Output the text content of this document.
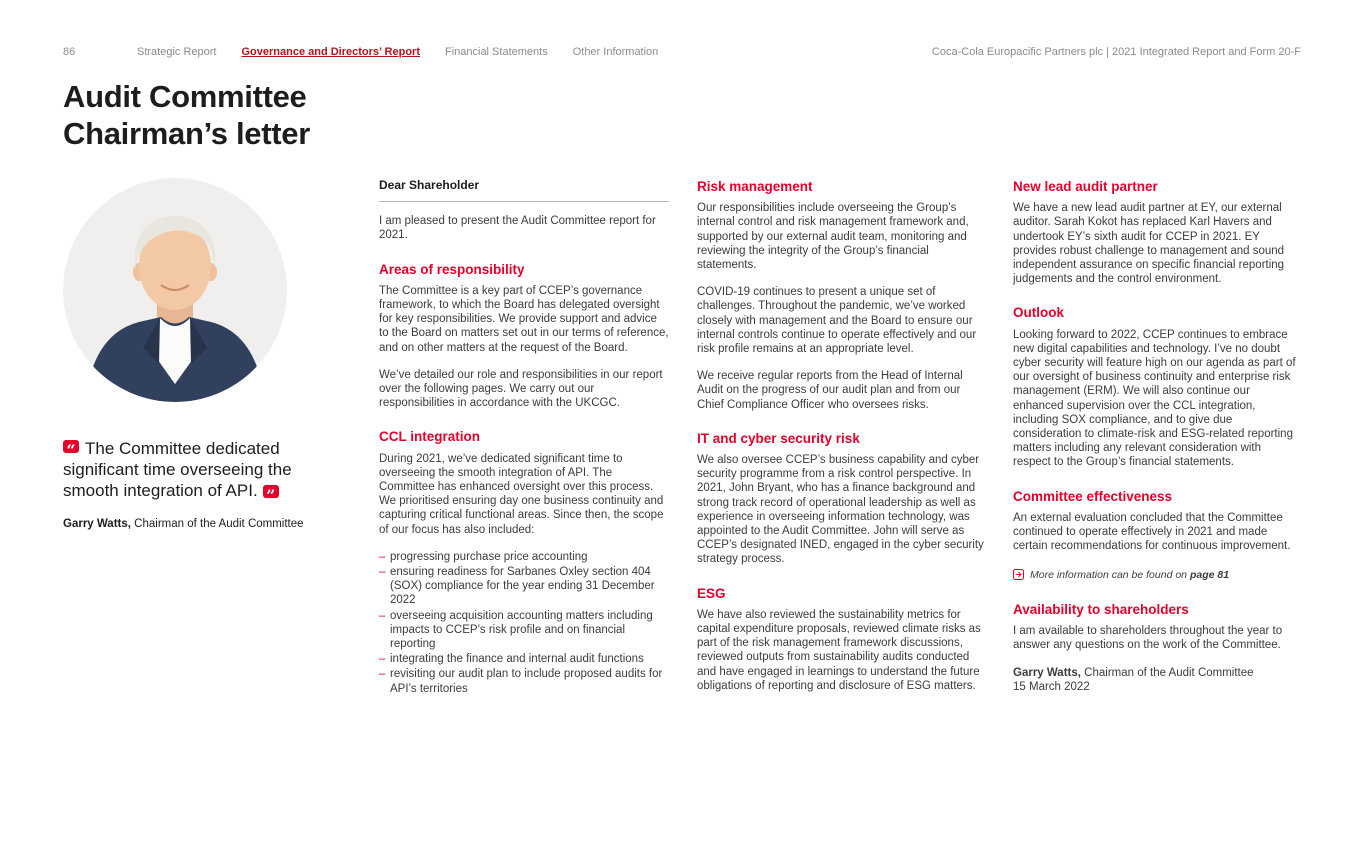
86	Strategic Report Governance and Directors’ Report Financial Statements Other Information	Coca-Cola Europacific Partners plc | 2021 Integrated Report and Form 20-F
Audit Committee
Chairman’s letter

“The Committee dedicated significant time overseeing the smooth integration of API.”

Garry Watts, Chairman of the Audit Committee

Dear Shareholder

I am pleased to present the Audit Committee report for 2021.

Areas of responsibility

The Committee is a key part of CCEP’s governance framework, to which the Board has delegated oversight for key responsibilities. We provide support and advice to the Board on matters set out in our terms of reference, and on other matters at the request of the Board.

We’ve detailed our role and responsibilities in our report over the following pages. We carry out our responsibilities in accordance with the UKCGC.

CCL integration

During 2021, we’ve dedicated significant time to overseeing the smooth integration of API. The Committee has enhanced oversight over this process. We prioritised ensuring day one business continuity and capturing critical functional areas. Since then, the scope of our focus has also included:

– progressing purchase price accounting
– ensuring readiness for Sarbanes Oxley section 404 (SOX) compliance for the year ending 31 December 2022
– overseeing acquisition accounting matters including impacts to CCEP’s risk profile and on financial reporting
– integrating the finance and internal audit functions
– revisiting our audit plan to include proposed audits for API’s territories
Risk management

Our responsibilities include overseeing the Group’s internal control and risk management framework and, supported by our external audit team, monitoring and reviewing the integrity of the Group’s financial statements.

COVID-19 continues to present a unique set of challenges. Throughout the pandemic, we’ve worked closely with management and the Board to ensure our internal controls continue to operate effectively and our risk profile remains at an appropriate level.

We receive regular reports from the Head of Internal Audit on the progress of our audit plan and from our Chief Compliance Officer who oversees risks.

IT and cyber security risk

We also oversee CCEP’s business capability and cyber security programme from a risk control perspective. In 2021, John Bryant, who has a finance background and strong track record of operational leadership as well as experience in overseeing information technology, was appointed to the Audit Committee. John will serve as CCEP’s designated INED, engaged in the cyber security strategy process.

ESG

We have also reviewed the sustainability metrics for capital expenditure proposals, reviewed climate risks as part of the risk management framework discussions, reviewed outputs from sustainability audits conducted and have engaged in learnings to understand the future obligations of reporting and disclosure of ESG matters.

New lead audit partner

We have a new lead audit partner at EY, our external auditor. Sarah Kokot has replaced Karl Havers and undertook EY’s sixth audit for CCEP in 2021. EY provides robust challenge to management and sound independent assurance on specific financial reporting judgements and the control environment.

Outlook

Looking forward to 2022, CCEP continues to embrace new digital capabilities and technology. I’ve no doubt cyber security will feature high on our agenda as part of our oversight of business continuity and enterprise risk management (ERM). We will also continue our enhanced supervision over the CCL integration, including SOX compliance, and to give due consideration to climate-risk and ESG-related reporting matters including any relevant consideration with respect to the Group’s financial statements.

Committee effectiveness

An external evaluation concluded that the Committee continued to operate effectively in 2021 and made certain recommendations for continuous improvement.

More information can be found on page 81
Availability to shareholders

I am available to shareholders throughout the year to answer any questions on the work of the Committee.

Garry Watts, Chairman of the Audit Committee
15 March 2022
